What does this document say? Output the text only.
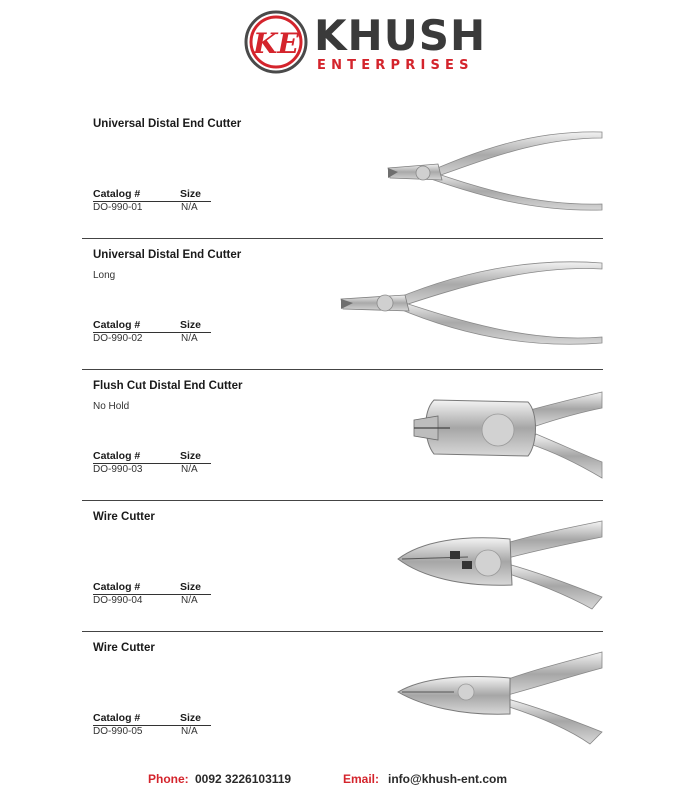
KE KHUSH
ENTERPRISES
Universal Distal End Cutter
Catalog #	Size
DO-990-01	N/A
Universal Distal End Cutter
Long
Catalog #	Size
DO-990-02	N/A
Flush Cut Distal End Cutter
No Hold
Catalog #	Size
DO-990-03	N/A
Wire Cutter
Catalog #	Size
DO-990-04	N/A
Wire Cutter
Catalog #	Size
DO-990-05	N/A
Phone: 0092 3226103119	Email: info@khush-ent.com
